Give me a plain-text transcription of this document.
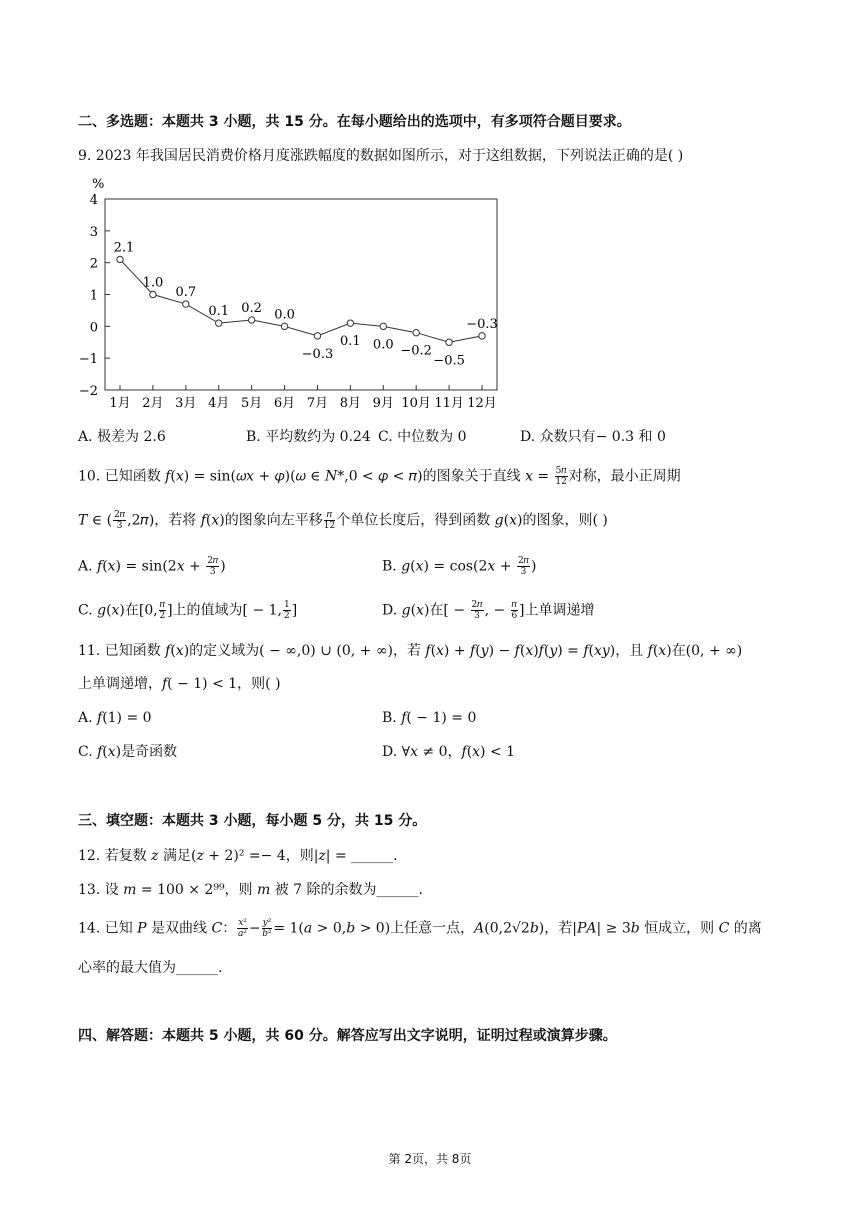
二、多选题：本题共 3 小题，共 15 分。在每小题给出的选项中，有多项符合题目要求。
9. 2023 年我国居民消费价格月度涨跌幅度的数据如图所示，对于这组数据，下列说法正确的是( )
%
4
3
2
1
0
−1
−2
1月 2月 3月 4月 5月 6月 7月 8月 9月 10月 11月 12月
2.1
1.0
0.7
0.1 0.2 0.0
−0.3
0.1 0.0 −0.2
−0.5
−0.3
A. 极差为 2.6	B. 平均数约为 0.24 C. 中位数为 0	D. 众数只有− 0.3 和 0
10. 已知函数 𝑓(𝑥) = sin(𝜔𝑥 + 𝜑)(𝜔 ∈ 𝑁*,0 < 𝜑 < 𝜋)的图象关于直线 𝑥 = $\frac{\text{5𝜋}}{12}$ 对称，最小正周期
𝑇 ∈ ( $\frac{\text{2𝜋}}{3}$ ,2𝜋)，若将 𝑓(𝑥)的图象向左平移 $\frac{\text{𝜋}}{12}$ 个单位长度后，得到函数 𝑔(𝑥)的图象，则( )
A. 𝑓(𝑥) = sin(2𝑥 + $\frac{\text{2𝜋}}{3}$ )	B. 𝑔(𝑥) = cos(2𝑥 + $\frac{\text{2𝜋}}{3}$ )
C. 𝑔(𝑥)在[0, $\frac{\text{𝜋}}{2}$ ]上的值域为[ − 1, $\frac{1}{2}$ ]	D. 𝑔(𝑥)在[ − $\frac{\text{2𝜋}}{3}$ , − $\frac{\text{𝜋}}{6}$ ]上单调递增
11. 已知函数 𝑓(𝑥)的定义域为( − ∞,0) ∪ (0, + ∞)，若 𝑓(𝑥) + 𝑓(𝑦) − 𝑓(𝑥)𝑓(𝑦) = 𝑓(𝑥𝑦)，且 𝑓(𝑥)在(0, + ∞)
上单调递增，𝑓( − 1) < 1，则( )
A. 𝑓(1) = 0	B. 𝑓( − 1) = 0
C. 𝑓(𝑥)是奇函数	D. ∀𝑥 ≠ 0，𝑓(𝑥) < 1
三、填空题：本题共 3 小题，每小题 5 分，共 15 分。
12. 若复数 𝑧 满足(𝑧 + 2)² =− 4，则|𝑧| = ______.
13. 设 𝑚 = 100 × 2⁹⁹，则 𝑚 被 7 除的余数为______.
14. 已知 𝑃 是双曲线 𝐶： $\frac{\text{𝑥²}}{\text{𝑎²}} - \frac{\text{𝑦²}}{\text{𝑏²}}$ = 1(𝑎 > 0,𝑏 > 0)上任意一点，𝐴(0,2√2𝑏)，若|𝑃𝐴| ≥ 3𝑏 恒成立，则 𝐶 的离
心率的最大值为______.
四、解答题：本题共 5 小题，共 60 分。解答应写出文字说明，证明过程或演算步骤。
第 2页，共 8页
